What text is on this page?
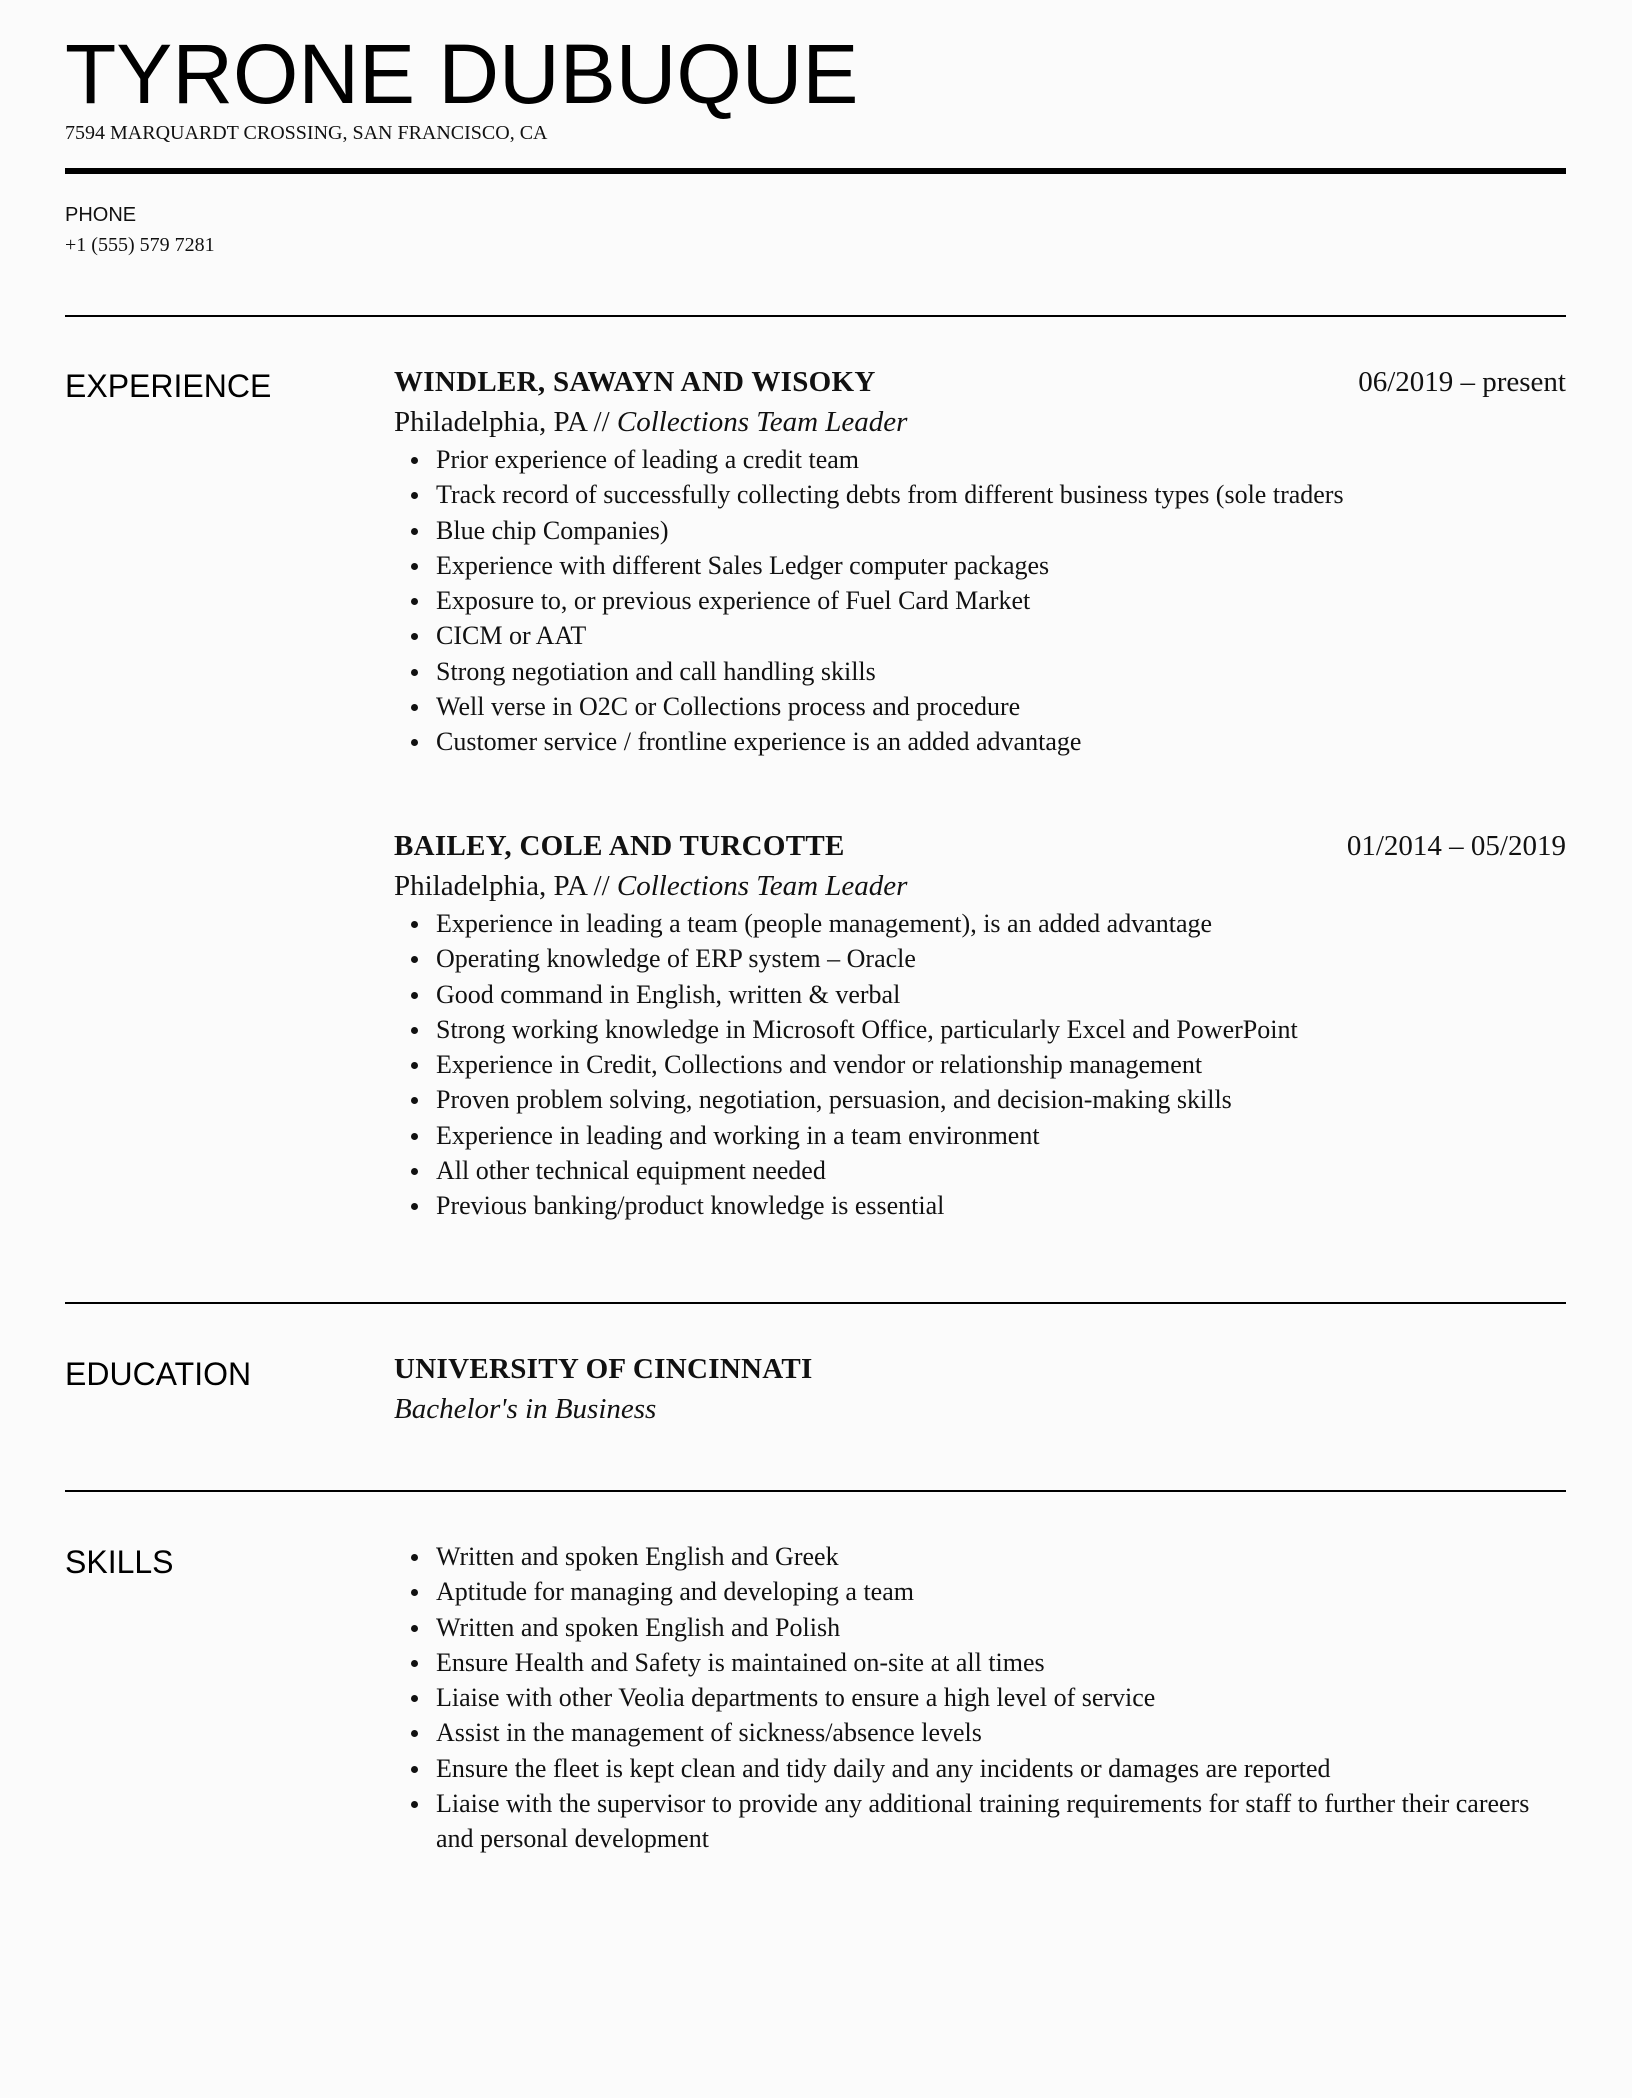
TYRONE DUBUQUE
7594 MARQUARDT CROSSING, SAN FRANCISCO, CA
PHONE
+1 (555) 579 7281
EXPERIENCE	WINDLER, SAWAYN AND WISOKY	06/2019 – present
Philadelphia, PA // Collections Team Leader
Prior experience of leading a credit team
Track record of successfully collecting debts from different business types (sole traders
Blue chip Companies)
Experience with different Sales Ledger computer packages
Exposure to, or previous experience of Fuel Card Market
CICM or AAT
Strong negotiation and call handling skills
Well verse in O2C or Collections process and procedure
Customer service / frontline experience is an added advantage
BAILEY, COLE AND TURCOTTE	01/2014 – 05/2019
Philadelphia, PA // Collections Team Leader
Experience in leading a team (people management), is an added advantage
Operating knowledge of ERP system – Oracle
Good command in English, written & verbal
Strong working knowledge in Microsoft Office, particularly Excel and PowerPoint
Experience in Credit, Collections and vendor or relationship management
Proven problem solving, negotiation, persuasion, and decision-making skills
Experience in leading and working in a team environment
All other technical equipment needed
Previous banking/product knowledge is essential
EDUCATION	UNIVERSITY OF CINCINNATI
Bachelor's in Business
SKILLS	Written and spoken English and Greek
Aptitude for managing and developing a team
Written and spoken English and Polish
Ensure Health and Safety is maintained on-site at all times
Liaise with other Veolia departments to ensure a high level of service
Assist in the management of sickness/absence levels
Ensure the fleet is kept clean and tidy daily and any incidents or damages are reported
Liaise with the supervisor to provide any additional training requirements for staff to further their careers and personal development
